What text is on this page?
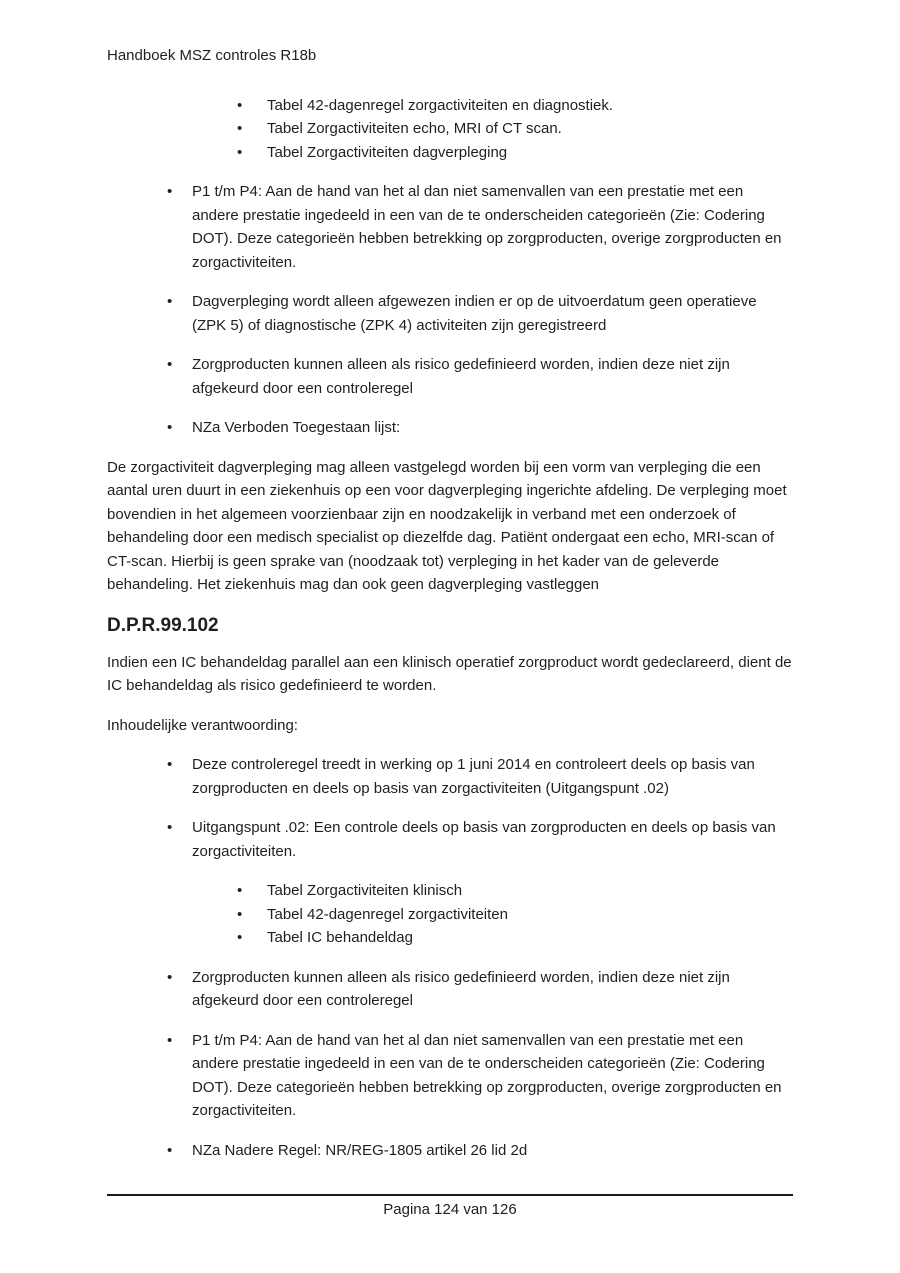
Handboek MSZ controles R18b
•	Tabel 42-dagenregel zorgactiviteiten en diagnostiek.
•	Tabel Zorgactiviteiten echo, MRI of CT scan.
•	Tabel Zorgactiviteiten dagverpleging
•	P1 t/m P4: Aan de hand van het al dan niet samenvallen van een prestatie met een andere prestatie ingedeeld in een van de te onderscheiden categorieën (Zie: Codering DOT). Deze categorieën hebben betrekking op zorgproducten, overige zorgproducten en zorgactiviteiten.
•	Dagverpleging wordt alleen afgewezen indien er op de uitvoerdatum geen operatieve (ZPK 5) of diagnostische (ZPK 4) activiteiten zijn geregistreerd
•	Zorgproducten kunnen alleen als risico gedefinieerd worden, indien deze niet zijn afgekeurd door een controleregel
•	NZa Verboden Toegestaan lijst:

De zorgactiviteit dagverpleging mag alleen vastgelegd worden bij een vorm van verpleging die een aantal uren duurt in een ziekenhuis op een voor dagverpleging ingerichte afdeling. De verpleging moet bovendien in het algemeen voorzienbaar zijn en noodzakelijk in verband met een onderzoek of behandeling door een medisch specialist op diezelfde dag. Patiënt ondergaat een echo, MRI-scan of CT-scan. Hierbij is geen sprake van (noodzaak tot) verpleging in het kader van de geleverde behandeling. Het ziekenhuis mag dan ook geen dagverpleging vastleggen

D.P.R.99.102

Indien een IC behandeldag parallel aan een klinisch operatief zorgproduct wordt gedeclareerd, dient de IC behandeldag als risico gedefinieerd te worden.

Inhoudelijke verantwoording:

•	Deze controleregel treedt in werking op 1 juni 2014 en controleert deels op basis van zorgproducten en deels op basis van zorgactiviteiten (Uitgangspunt .02)
•	Uitgangspunt .02: Een controle deels op basis van zorgproducten en deels op basis van zorgactiviteiten.
•	Tabel Zorgactiviteiten klinisch
•	Tabel 42-dagenregel zorgactiviteiten
•	Tabel IC behandeldag
•	Zorgproducten kunnen alleen als risico gedefinieerd worden, indien deze niet zijn afgekeurd door een controleregel
•	P1 t/m P4: Aan de hand van het al dan niet samenvallen van een prestatie met een andere prestatie ingedeeld in een van de te onderscheiden categorieën (Zie: Codering DOT). Deze categorieën hebben betrekking op zorgproducten, overige zorgproducten en zorgactiviteiten.
•	NZa Nadere Regel: NR/REG-1805 artikel 26 lid 2d
Pagina 124 van 126
